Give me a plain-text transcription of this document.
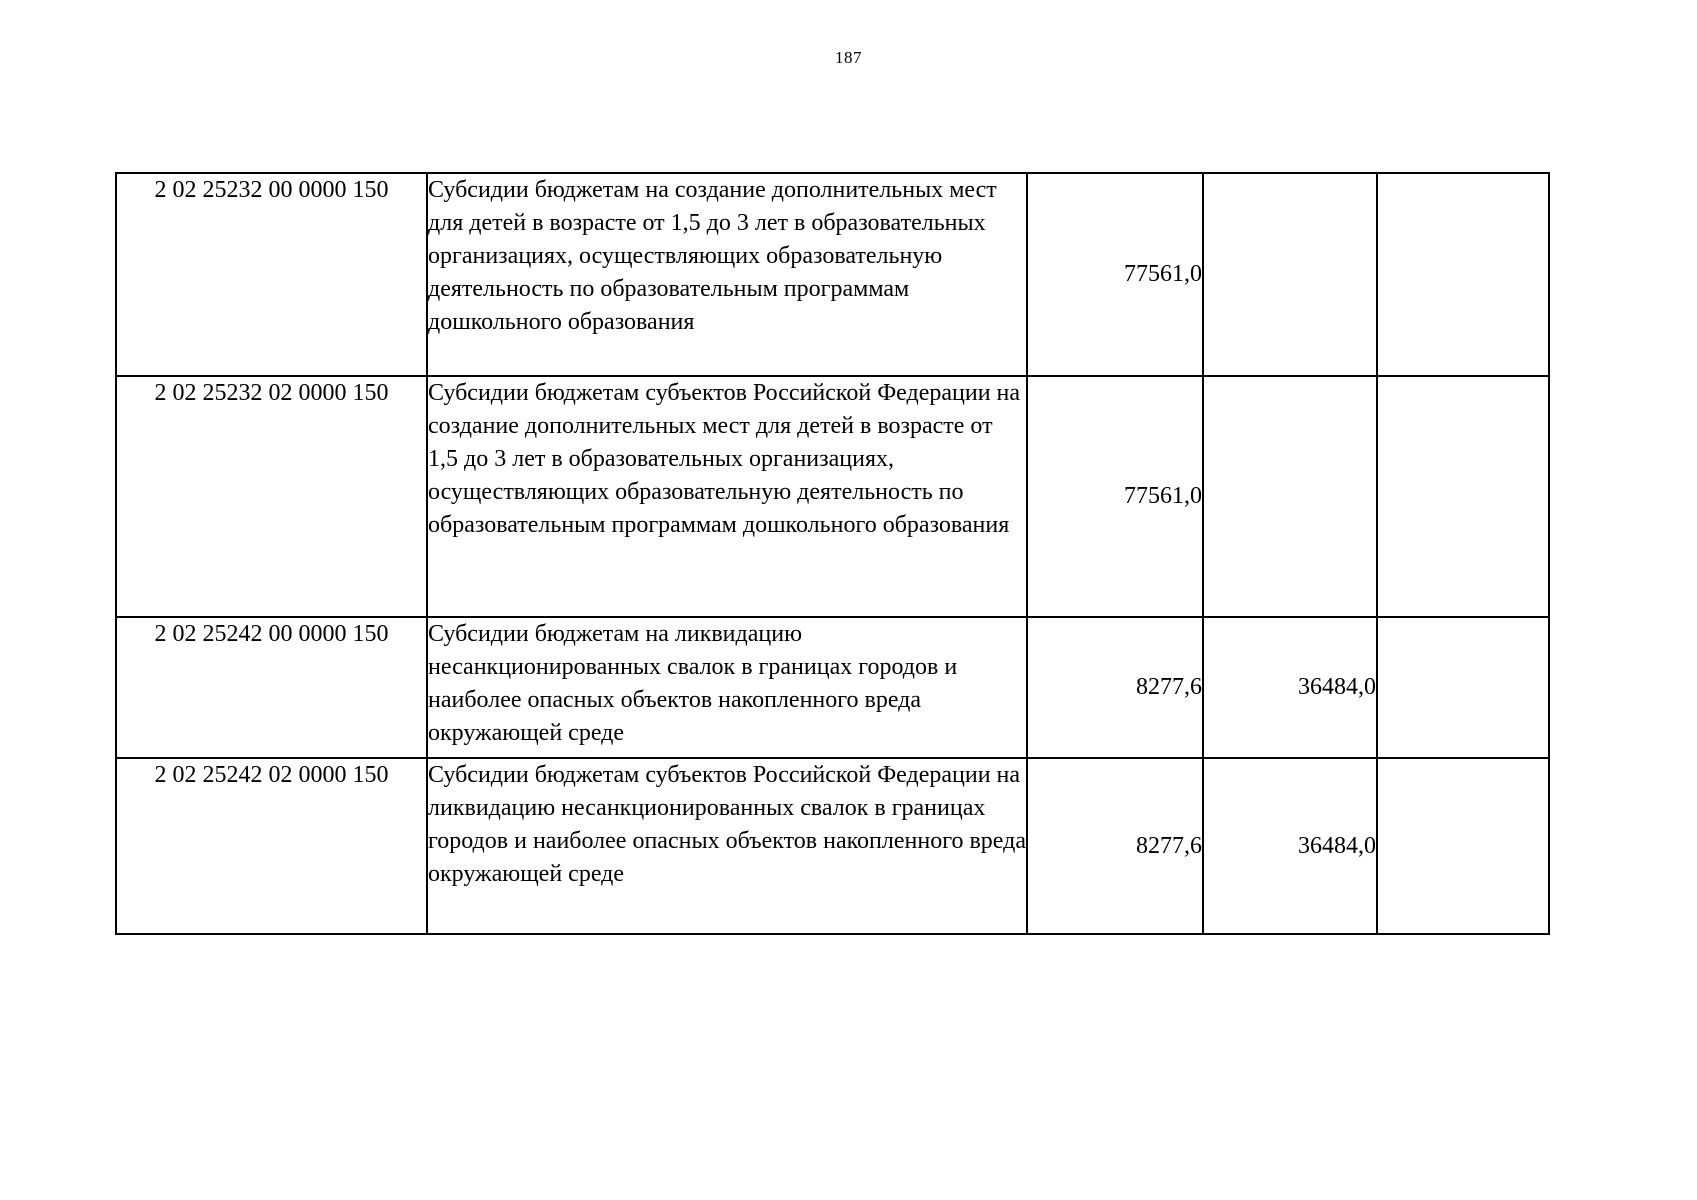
187
2 02 25232 00 0000 150	Субсидии бюджетам на создание дополнительных мест для детей в возрасте от 1,5 до 3 лет в образовательных организациях, осуществляющих образовательную деятельность по образовательным программам дошкольного образования	77561,0		
2 02 25232 02 0000 150	Субсидии бюджетам субъектов Российской Федерации на создание дополнительных мест для детей в возрасте от 1,5 до 3 лет в образовательных организациях, осуществляющих образовательную деятельность по образовательным программам дошкольного образования	77561,0		
2 02 25242 00 0000 150	Субсидии бюджетам на ликвидацию несанкционированных свалок в границах городов и наиболее опасных объектов накопленного вреда окружающей среде	8277,6	36484,0	
2 02 25242 02 0000 150	Субсидии бюджетам субъектов Российской Федерации на ликвидацию несанкционированных свалок в границах городов и наиболее опасных объектов накопленного вреда окружающей среде	8277,6	36484,0	
